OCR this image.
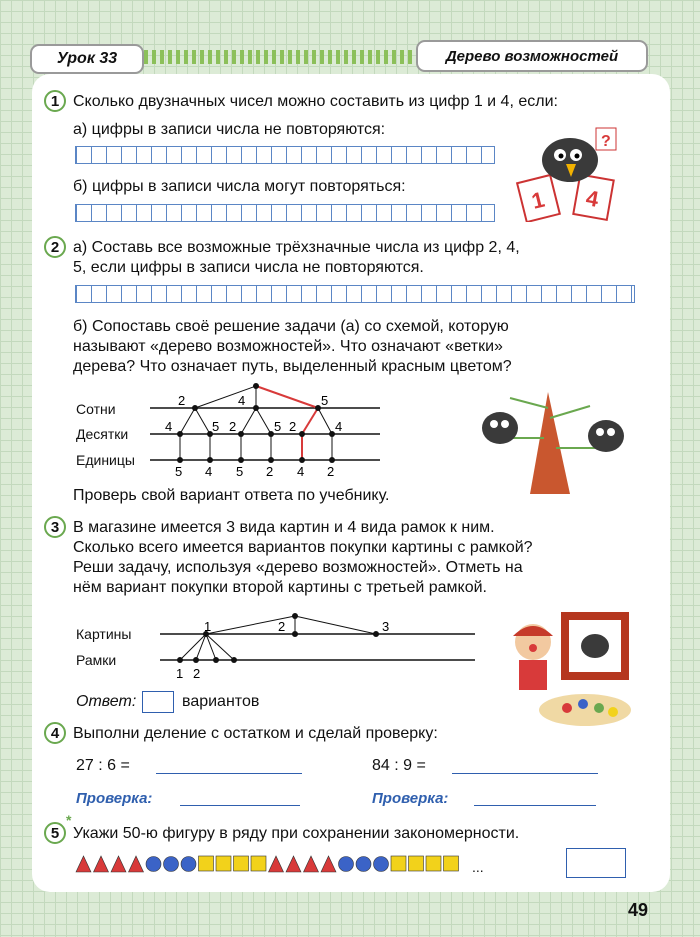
Урок 33	Дерево возможностей
1 Сколько двузначных чисел можно составить из цифр 1 и 4, если:
а) цифры в записи числа не повторяются:
б) цифры в записи числа могут повторяться:
1 4
?
2 а) Составь все возможные трёхзначные числа из цифр 2, 4,
5, если цифры в записи числа не повторяются.
б) Сопоставь своё решение задачи (а) со схемой, которую
называют «дерево возможностей». Что означают «ветки»
дерева? Что означает путь, выделенный красным цветом?
Сотни
Десятки
Единицы
2	4	5
4	5 2	5 2	4
5 4 5 2 4 2
Проверь свой вариант ответа по учебнику.
3 В магазине имеется 3 вида картин и 4 вида рамок к ним.
Сколько всего имеется вариантов покупки картины с рамкой?
Реши задачу, используя «дерево возможностей». Отметь на
нём вариант покупки второй картины с третьей рамкой.
Картины
Рамки
1	2	3
1 2
Ответ:	вариантов
4 Выполни деление с остатком и сделай проверку:
27 : 6 =	84 : 9 =
Проверка:	Проверка:
5
*
Укажи 50-ю фигуру в ряду при сохранении закономерности.
...
49
